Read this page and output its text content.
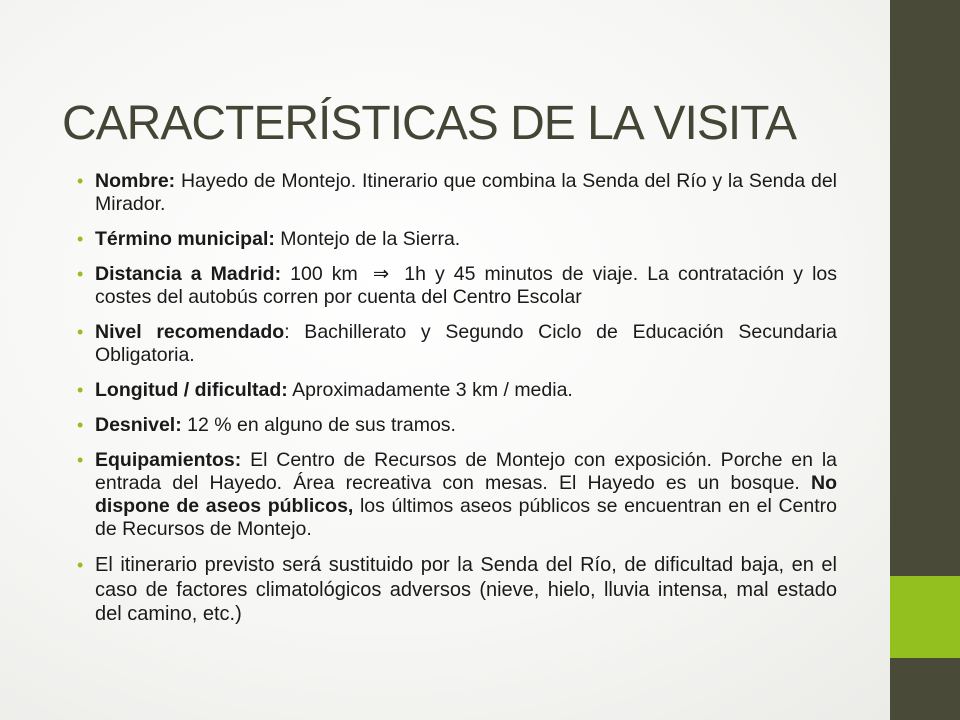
CARACTERÍSTICAS DE LA VISITA
• Nombre: Hayedo de Montejo. Itinerario que combina la Senda del Río y la Senda del Mirador.
• Término municipal: Montejo de la Sierra.
• Distancia a Madrid: 100 km ⇒ 1h y 45 minutos de viaje. La contratación y los costes del autobús corren por cuenta del Centro Escolar
• Nivel recomendado: Bachillerato y Segundo Ciclo de Educación Secundaria Obligatoria.
• Longitud / dificultad: Aproximadamente 3 km / media.
• Desnivel: 12 % en alguno de sus tramos.
• Equipamientos: El Centro de Recursos de Montejo con exposición. Porche en la entrada del Hayedo. Área recreativa con mesas. El Hayedo es un bosque. No dispone de aseos públicos, los últimos aseos públicos se encuentran en el Centro de Recursos de Montejo.
• El itinerario previsto será sustituido por la Senda del Río, de dificultad baja, en el caso de factores climatológicos adversos (nieve, hielo, lluvia intensa, mal estado del camino, etc.)
